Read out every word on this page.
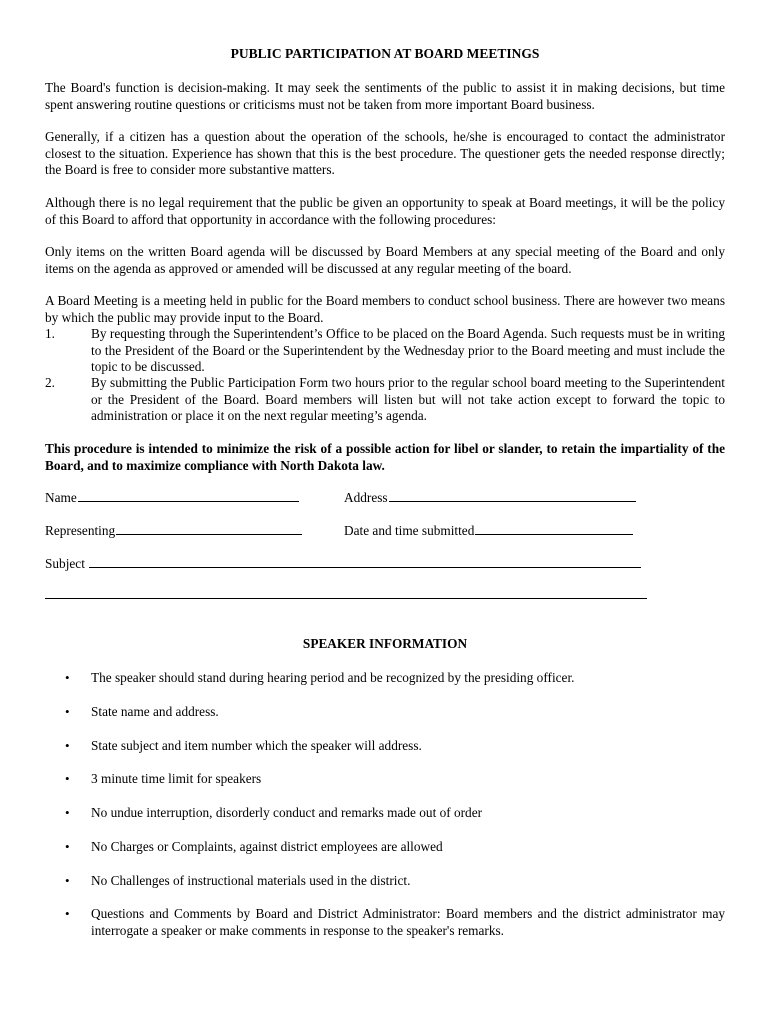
PUBLIC PARTICIPATION AT BOARD MEETINGS

The Board's function is decision-making. It may seek the sentiments of the public to assist it in making decisions, but time spent answering routine questions or criticisms must not be taken from more important Board business.

Generally, if a citizen has a question about the operation of the schools, he/she is encouraged to contact the administrator closest to the situation. Experience has shown that this is the best procedure. The questioner gets the needed response directly; the Board is free to consider more substantive matters.

Although there is no legal requirement that the public be given an opportunity to speak at Board meetings, it will be the policy of this Board to afford that opportunity in accordance with the following procedures:

Only items on the written Board agenda will be discussed by Board Members at any special meeting of the Board and only items on the agenda as approved or amended will be discussed at any regular meeting of the board.

A Board Meeting is a meeting held in public for the Board members to conduct school business. There are however two means by which the public may provide input to the Board.

1.	By requesting through the Superintendent’s Office to be placed on the Board Agenda. Such requests must be in writing to the President of the Board or the Superintendent by the Wednesday prior to the Board meeting and must include the topic to be discussed.
2.	By submitting the Public Participation Form two hours prior to the regular school board meeting to the Superintendent or the President of the Board. Board members will listen but will not take action except to forward the topic to administration or place it on the next regular meeting’s agenda.

This procedure is intended to minimize the risk of a possible action for libel or slander, to retain the impartiality of the Board, and to maximize compliance with North Dakota law.

Name	Address
Representing	Date and time submitted
Subject
SPEAKER INFORMATION
• The speaker should stand during hearing period and be recognized by the presiding officer.
• State name and address.
• State subject and item number which the speaker will address.
• 3 minute time limit for speakers
• No undue interruption, disorderly conduct and remarks made out of order
• No Charges or Complaints, against district employees are allowed
• No Challenges of instructional materials used in the district.
• Questions and Comments by Board and District Administrator: Board members and the district administrator may interrogate a speaker or make comments in response to the speaker's remarks.
